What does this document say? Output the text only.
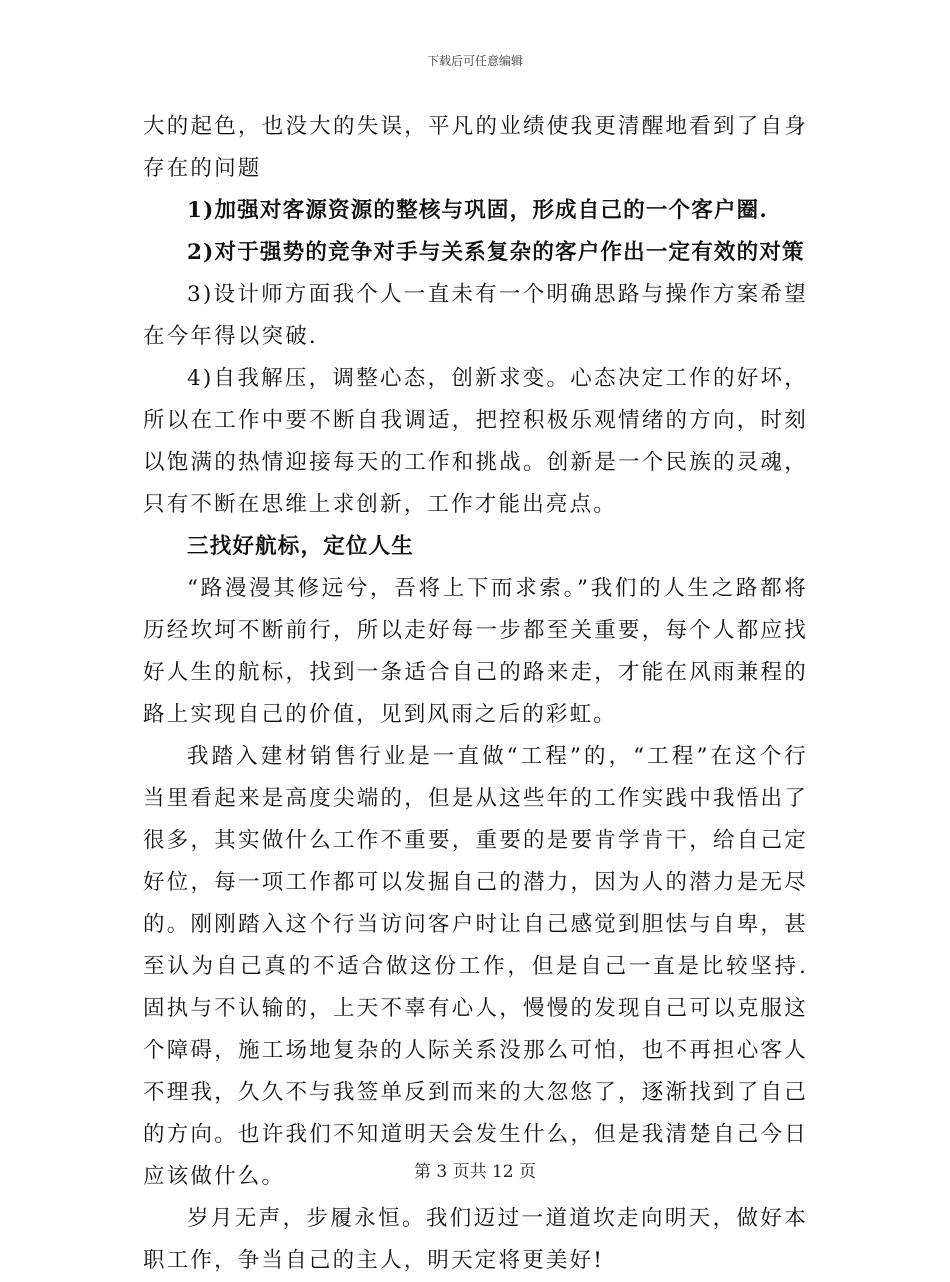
下载后可任意编辑

大的起色，也没大的失误，平凡的业绩使我更清醒地看到了自身存在的问题

1)加强对客源资源的整核与巩固，形成自己的一个客户圈.

2)对于强势的竞争对手与关系复杂的客户作出一定有效的对策

3)设计师方面我个人一直未有一个明确思路与操作方案希望在今年得以突破.

4)自我解压，调整心态，创新求变。心态决定工作的好坏，所以在工作中要不断自我调适，把控积极乐观情绪的方向，时刻以饱满的热情迎接每天的工作和挑战。创新是一个民族的灵魂，只有不断在思维上求创新，工作才能出亮点。

三找好航标，定位人生

“路漫漫其修远兮，吾将上下而求索。”我们的人生之路都将历经坎坷不断前行，所以走好每一步都至关重要，每个人都应找好人生的航标，找到一条适合自己的路来走，才能在风雨兼程的路上实现自己的价值，见到风雨之后的彩虹。

我踏入建材销售行业是一直做“工程”的，“工程”在这个行当里看起来是高度尖端的，但是从这些年的工作实践中我悟出了很多，其实做什么工作不重要，重要的是要肯学肯干，给自己定好位，每一项工作都可以发掘自己的潜力，因为人的潜力是无尽的。刚刚踏入这个行当访问客户时让自己感觉到胆怯与自卑，甚至认为自己真的不适合做这份工作，但是自己一直是比较坚持.固执与不认输的，上天不辜有心人，慢慢的发现自己可以克服这个障碍，施工场地复杂的人际关系没那么可怕，也不再担心客人不理我，久久不与我签单反到而来的大忽悠了，逐渐找到了自己的方向。也许我们不知道明天会发生什么，但是我清楚自己今日应该做什么。

岁月无声，步履永恒。我们迈过一道道坎走向明天，做好本职工作，争当自己的主人，明天定将更美好!

第 3 页共 12 页
